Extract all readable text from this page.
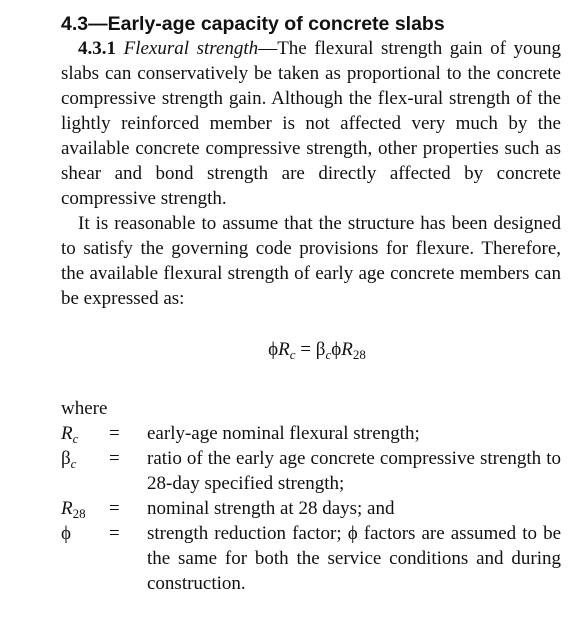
4.3—Early-age capacity of concrete slabs

4.3.1 Flexural strength—The flexural strength gain of young slabs can conservatively be taken as proportional to the concrete compressive strength gain. Although the flex-ural strength of the lightly reinforced member is not affected very much by the available concrete compressive strength, other properties such as shear and bond strength are directly affected by concrete compressive strength.

It is reasonable to assume that the structure has been designed to satisfy the governing code provisions for flexure. Therefore, the available flexural strength of early age concrete members can be expressed as:

$\phi R_c = \beta_c\phi R_{28}$

where

$R_c$	=	early-age nominal flexural strength;
$\beta_c$	=	ratio of the early age concrete compressive strength to 28-day specified strength;
$R_{28}$	=	nominal strength at 28 days; and
ϕ	=	strength reduction factor; ϕ factors are assumed to be the same for both the service conditions and during construction.
